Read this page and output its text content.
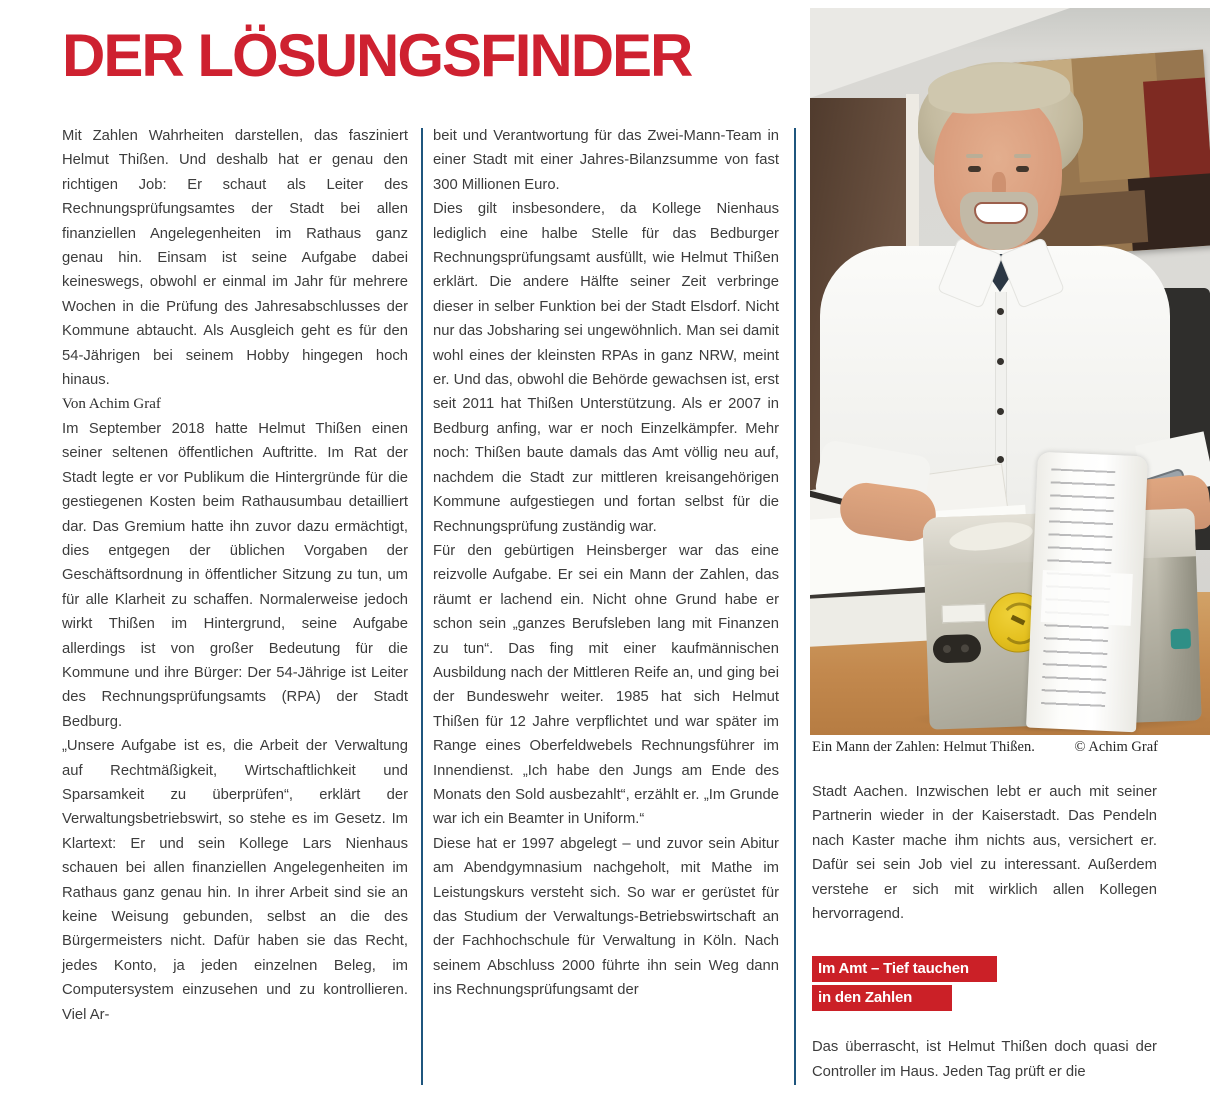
DER LÖSUNGSFINDER

Mit Zahlen Wahrheiten darstellen, das fasziniert Helmut Thißen. Und deshalb hat er genau den richtigen Job: Er schaut als Leiter des Rechnungsprüfungsamtes der Stadt bei allen finanziellen Angelegenheiten im Rathaus ganz genau hin. Einsam ist seine Aufgabe dabei keineswegs, obwohl er einmal im Jahr für mehrere Wochen in die Prüfung des Jahresabschlusses der Kommune abtaucht. Als Ausgleich geht es für den 54-Jährigen bei seinem Hobby hingegen hoch hinaus.

Von Achim Graf

Im September 2018 hatte Helmut Thißen einen seiner seltenen öffentlichen Auftritte. Im Rat der Stadt legte er vor Publikum die Hintergründe für die gestiegenen Kosten beim Rathausumbau detailliert dar. Das Gremium hatte ihn zuvor dazu ermächtigt, dies entgegen der üblichen Vorgaben der Geschäftsordnung in öffentlicher Sitzung zu tun, um für alle Klarheit zu schaffen. Normalerweise jedoch wirkt Thißen im Hintergrund, seine Aufgabe allerdings ist von großer Bedeutung für die Kommune und ihre Bürger: Der 54-Jährige ist Leiter des Rechnungsprüfungsamts (RPA) der Stadt Bedburg.

„Unsere Aufgabe ist es, die Arbeit der Verwaltung auf Rechtmäßigkeit, Wirtschaftlichkeit und Sparsamkeit zu überprüfen“, erklärt der Verwaltungsbetriebswirt, so stehe es im Gesetz. Im Klartext: Er und sein Kollege Lars Nienhaus schauen bei allen finanziellen Angelegenheiten im Rathaus ganz genau hin. In ihrer Arbeit sind sie an keine Weisung gebunden, selbst an die des Bürgermeisters nicht. Dafür haben sie das Recht, jedes Konto, ja jeden einzelnen Beleg, im Computersystem einzusehen und zu kontrollieren. Viel Ar-

beit und Verantwortung für das Zwei-Mann-Team in einer Stadt mit einer Jahres-Bilanzsumme von fast 300 Millionen Euro.

Dies gilt insbesondere, da Kollege Nienhaus lediglich eine halbe Stelle für das Bedburger Rechnungsprüfungsamt ausfüllt, wie Helmut Thißen erklärt. Die andere Hälfte seiner Zeit verbringe dieser in selber Funktion bei der Stadt Elsdorf. Nicht nur das Jobsharing sei ungewöhnlich. Man sei damit wohl eines der kleinsten RPAs in ganz NRW, meint er. Und das, obwohl die Behörde gewachsen ist, erst seit 2011 hat Thißen Unterstützung. Als er 2007 in Bedburg anfing, war er noch Einzelkämpfer. Mehr noch: Thißen baute damals das Amt völlig neu auf, nachdem die Stadt zur mittleren kreisangehörigen Kommune aufgestiegen und fortan selbst für die Rechnungsprüfung zuständig war.

Für den gebürtigen Heinsberger war das eine reizvolle Aufgabe. Er sei ein Mann der Zahlen, das räumt er lachend ein. Nicht ohne Grund habe er schon sein „ganzes Berufsleben lang mit Finanzen zu tun“. Das fing mit einer kaufmännischen Ausbildung nach der Mittleren Reife an, und ging bei der Bundeswehr weiter. 1985 hat sich Helmut Thißen für 12 Jahre verpflichtet und war später im Range eines Oberfeldwebels Rechnungsführer im Innendienst. „Ich habe den Jungs am Ende des Monats den Sold ausbezahlt“, erzählt er. „Im Grunde war ich ein Beamter in Uniform.“

Diese hat er 1997 abgelegt – und zuvor sein Abitur am Abendgymnasium nachgeholt, mit Mathe im Leistungskurs versteht sich. So war er gerüstet für das Studium der Verwaltungs-Betriebswirtschaft an der Fachhochschule für Verwaltung in Köln. Nach seinem Abschluss 2000 führte ihn sein Weg dann ins Rechnungsprüfungsamt der

Ein Mann der Zahlen: Helmut Thißen.	© Achim Graf

Stadt Aachen. Inzwischen lebt er auch mit seiner Partnerin wieder in der Kaiserstadt. Das Pendeln nach Kaster mache ihm nichts aus, versichert er. Dafür sei sein Job viel zu interessant. Außerdem verstehe er sich mit wirklich allen Kollegen hervorragend.

Im Amt – Tief tauchen
in den Zahlen

Das überrascht, ist Helmut Thißen doch quasi der Controller im Haus. Jeden Tag prüft er die
